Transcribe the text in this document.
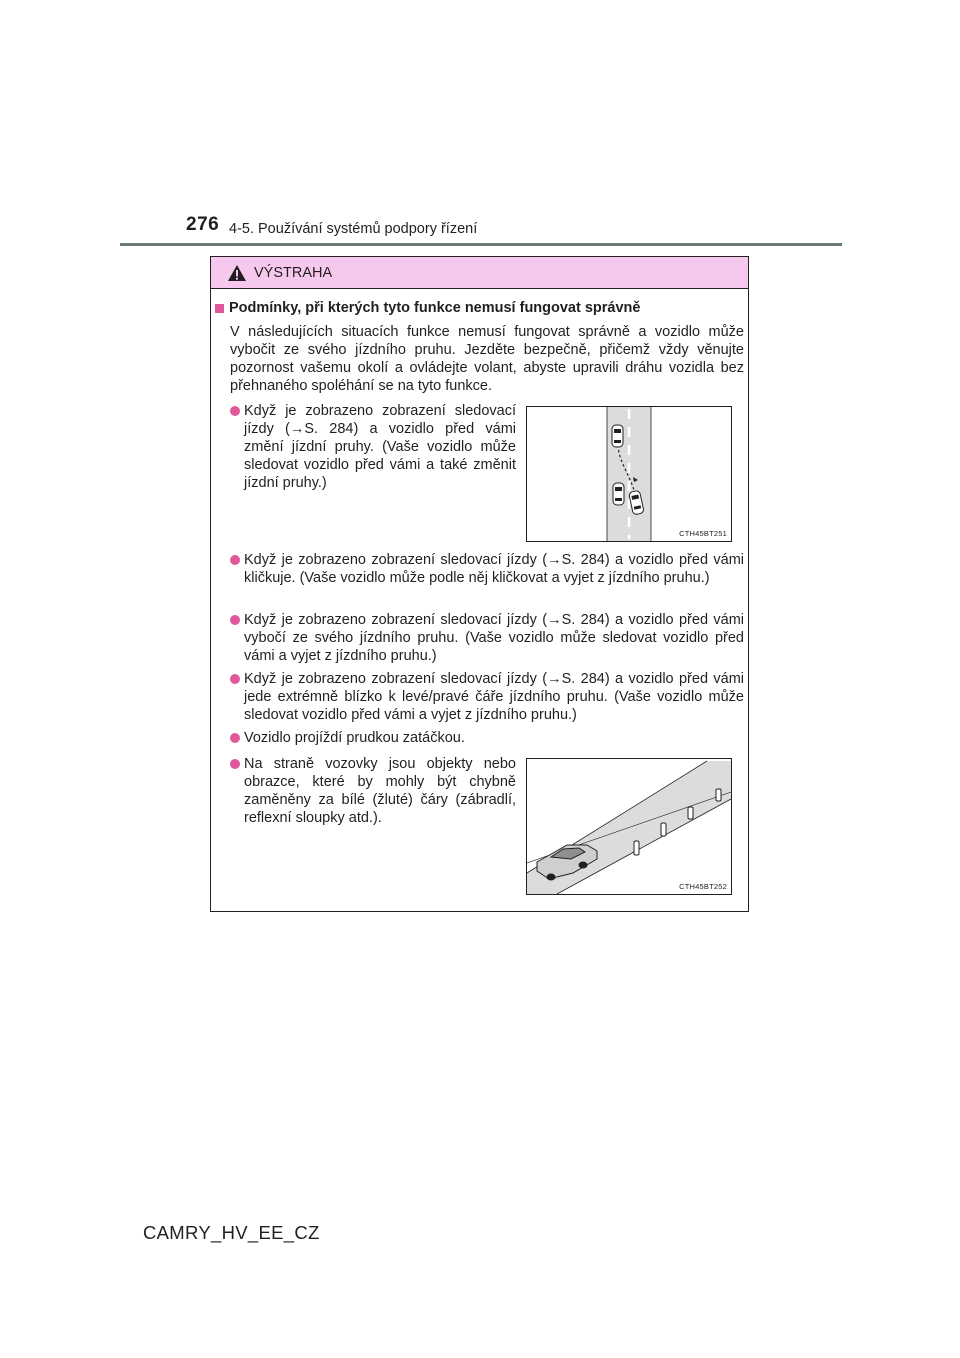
276 4-5. Používání systémů podpory řízení
VÝSTRAHA
Podmínky, při kterých tyto funkce nemusí fungovat správně
V následujících situacích funkce nemusí fungovat správně a vozidlo může vybočit ze svého jízdního pruhu. Jezděte bezpečně, přičemž vždy věnujte pozornost vašemu okolí a ovládejte volant, abyste upravili dráhu vozidla bez přehnaného spoléhání se na tyto funkce.
Když je zobrazeno zobrazení sledovací jízdy (→S. 284) a vozidlo před vámi změní jízdní pruhy. (Vaše vozidlo může sledovat vozidlo před vámi a také změnit jízdní pruhy.)
CTH45BT251
Když je zobrazeno zobrazení sledovací jízdy (→S. 284) a vozidlo před vámi kličkuje. (Vaše vozidlo může podle něj kličkovat a vyjet z jízdního pruhu.)
Když je zobrazeno zobrazení sledovací jízdy (→S. 284) a vozidlo před vámi vybočí ze svého jízdního pruhu. (Vaše vozidlo může sledovat vozidlo před vámi a vyjet z jízdního pruhu.)
Když je zobrazeno zobrazení sledovací jízdy (→S. 284) a vozidlo před vámi jede extrémně blízko k levé/pravé čáře jízdního pruhu. (Vaše vozidlo může sledovat vozidlo před vámi a vyjet z jízdního pruhu.)
Vozidlo projíždí prudkou zatáčkou.
Na straně vozovky jsou objekty nebo obrazce, které by mohly být chybně zaměněny za bílé (žluté) čáry (zábradlí, reflexní sloupky atd.).
CTH45BT252
CAMRY_HV_EE_CZ
